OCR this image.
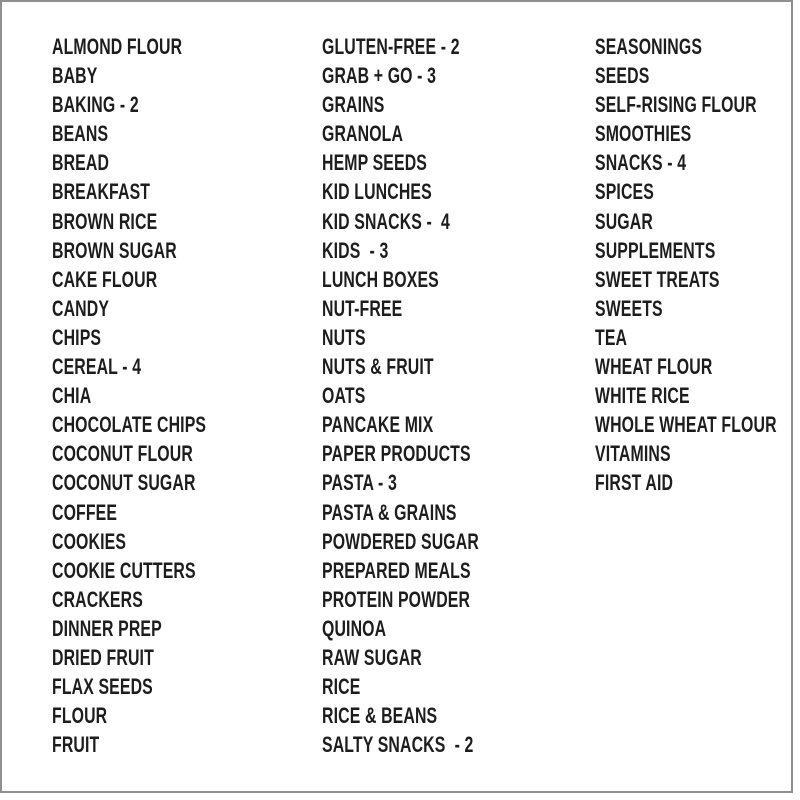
ALMOND FLOUR
BABY
BAKING - 2
BEANS
BREAD
BREAKFAST
BROWN RICE
BROWN SUGAR
CAKE FLOUR
CANDY
CHIPS
CEREAL - 4
CHIA
CHOCOLATE CHIPS
COCONUT FLOUR
COCONUT SUGAR
COFFEE
COOKIES
COOKIE CUTTERS
CRACKERS
DINNER PREP
DRIED FRUIT
FLAX SEEDS
FLOUR
FRUIT
GLUTEN-FREE - 2
GRAB + GO - 3
GRAINS
GRANOLA
HEMP SEEDS
KID LUNCHES
KID SNACKS -  4
KIDS  - 3
LUNCH BOXES
NUT-FREE
NUTS
NUTS & FRUIT
OATS
PANCAKE MIX
PAPER PRODUCTS
PASTA - 3
PASTA & GRAINS
POWDERED SUGAR
PREPARED MEALS
PROTEIN POWDER
QUINOA
RAW SUGAR
RICE
RICE & BEANS
SALTY SNACKS  - 2
SEASONINGS
SEEDS
SELF-RISING FLOUR
SMOOTHIES
SNACKS - 4
SPICES
SUGAR
SUPPLEMENTS
SWEET TREATS
SWEETS
TEA
WHEAT FLOUR
WHITE RICE
WHOLE WHEAT FLOUR
VITAMINS
FIRST AID
